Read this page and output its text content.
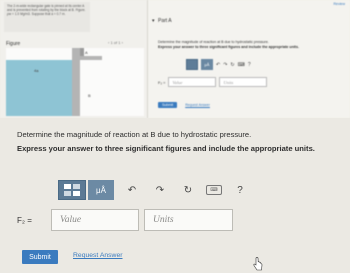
The 2-m-wide rectangular gate is pinned at its center A and is prevented from rotating by the block at B. Figure. ρw = 1.0 Mg/m3. Suppose that a = 0.7 m.
Figure	‹ 1 of 1 ›
A
B
4a
Review
▾ Part A
Determine the magnitude of reaction at B due to hydrostatic pressure.
Express your answer to three significant figures and include the appropriate units.
μÅ	↶ ↷ ↻ ⌨ ?
F₂ =	Value	Units
Submit	Request Answer
Determine the magnitude of reaction at B due to hydrostatic pressure.
Express your answer to three significant figures and include the appropriate units.
μÅ	↶	↷	↻	⌨	?
F₂ =	Value	Units
Submit	Request Answer
